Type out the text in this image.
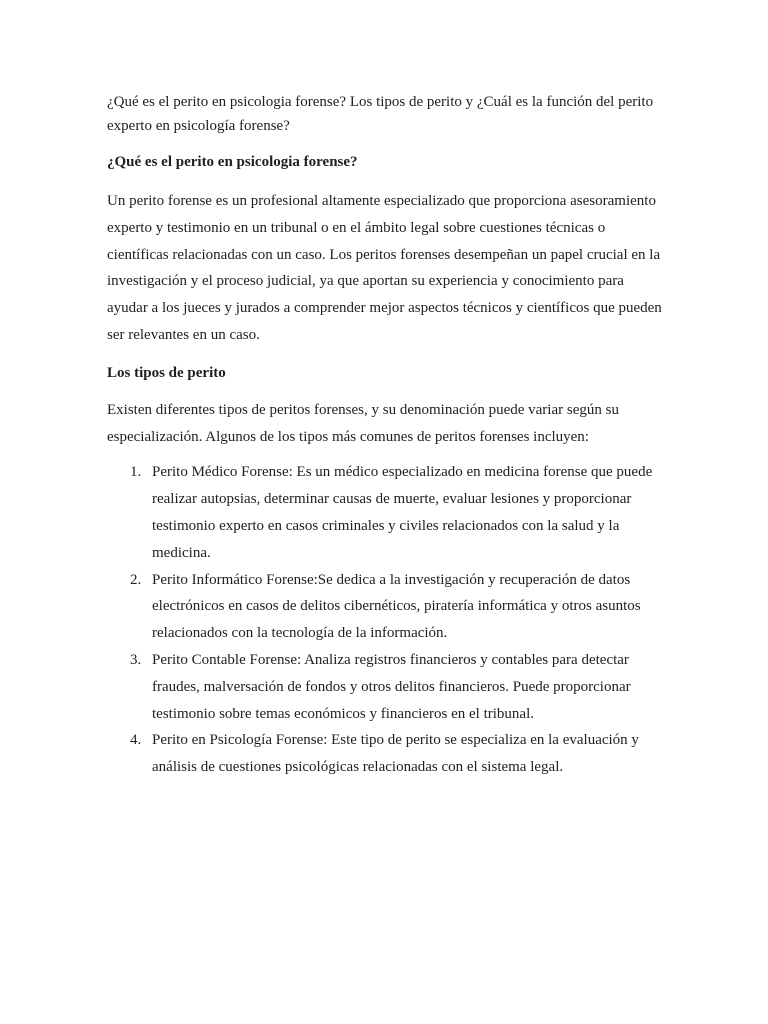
¿Qué es el perito en psicologia forense? Los tipos de perito y ¿Cuál es la función del perito experto en psicología forense?

¿Qué es el perito en psicologia forense?

Un perito forense es un profesional altamente especializado que proporciona asesoramiento experto y testimonio en un tribunal o en el ámbito legal sobre cuestiones técnicas o científicas relacionadas con un caso. Los peritos forenses desempeñan un papel crucial en la investigación y el proceso judicial, ya que aportan su experiencia y conocimiento para ayudar a los jueces y jurados a comprender mejor aspectos técnicos y científicos que pueden ser relevantes en un caso.

Los tipos de perito

Existen diferentes tipos de peritos forenses, y su denominación puede variar según su especialización. Algunos de los tipos más comunes de peritos forenses incluyen:

1. Perito Médico Forense: Es un médico especializado en medicina forense que puede realizar autopsias, determinar causas de muerte, evaluar lesiones y proporcionar testimonio experto en casos criminales y civiles relacionados con la salud y la medicina.
2. Perito Informático Forense:Se dedica a la investigación y recuperación de datos electrónicos en casos de delitos cibernéticos, piratería informática y otros asuntos relacionados con la tecnología de la información.
3. Perito Contable Forense: Analiza registros financieros y contables para detectar fraudes, malversación de fondos y otros delitos financieros. Puede proporcionar testimonio sobre temas económicos y financieros en el tribunal.
4. Perito en Psicología Forense: Este tipo de perito se especializa en la evaluación y análisis de cuestiones psicológicas relacionadas con el sistema legal.
